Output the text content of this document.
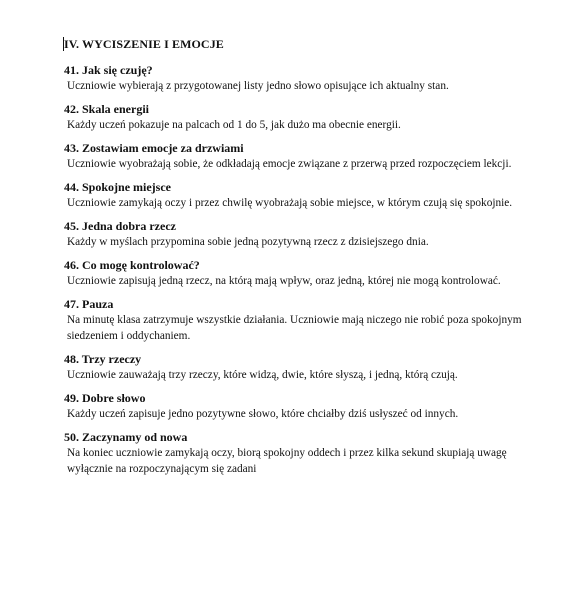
IV. WYCISZENIE I EMOCJE

41. Jak się czuję?

Uczniowie wybierają z przygotowanej listy jedno słowo opisujące ich aktualny stan.

42. Skala energii

Każdy uczeń pokazuje na palcach od 1 do 5, jak dużo ma obecnie energii.

43. Zostawiam emocje za drzwiami

Uczniowie wyobrażają sobie, że odkładają emocje związane z przerwą przed rozpoczęciem lekcji.

44. Spokojne miejsce

Uczniowie zamykają oczy i przez chwilę wyobrażają sobie miejsce, w którym czują się spokojnie.

45. Jedna dobra rzecz

Każdy w myślach przypomina sobie jedną pozytywną rzecz z dzisiejszego dnia.

46. Co mogę kontrolować?

Uczniowie zapisują jedną rzecz, na którą mają wpływ, oraz jedną, której nie mogą kontrolować.

47. Pauza

Na minutę klasa zatrzymuje wszystkie działania. Uczniowie mają niczego nie robić poza spokojnym siedzeniem i oddychaniem.

48. Trzy rzeczy

Uczniowie zauważają trzy rzeczy, które widzą, dwie, które słyszą, i jedną, którą czują.

49. Dobre słowo

Każdy uczeń zapisuje jedno pozytywne słowo, które chciałby dziś usłyszeć od innych.

50. Zaczynamy od nowa

Na koniec uczniowie zamykają oczy, biorą spokojny oddech i przez kilka sekund skupiają uwagę wyłącznie na rozpoczynającym się zadani
